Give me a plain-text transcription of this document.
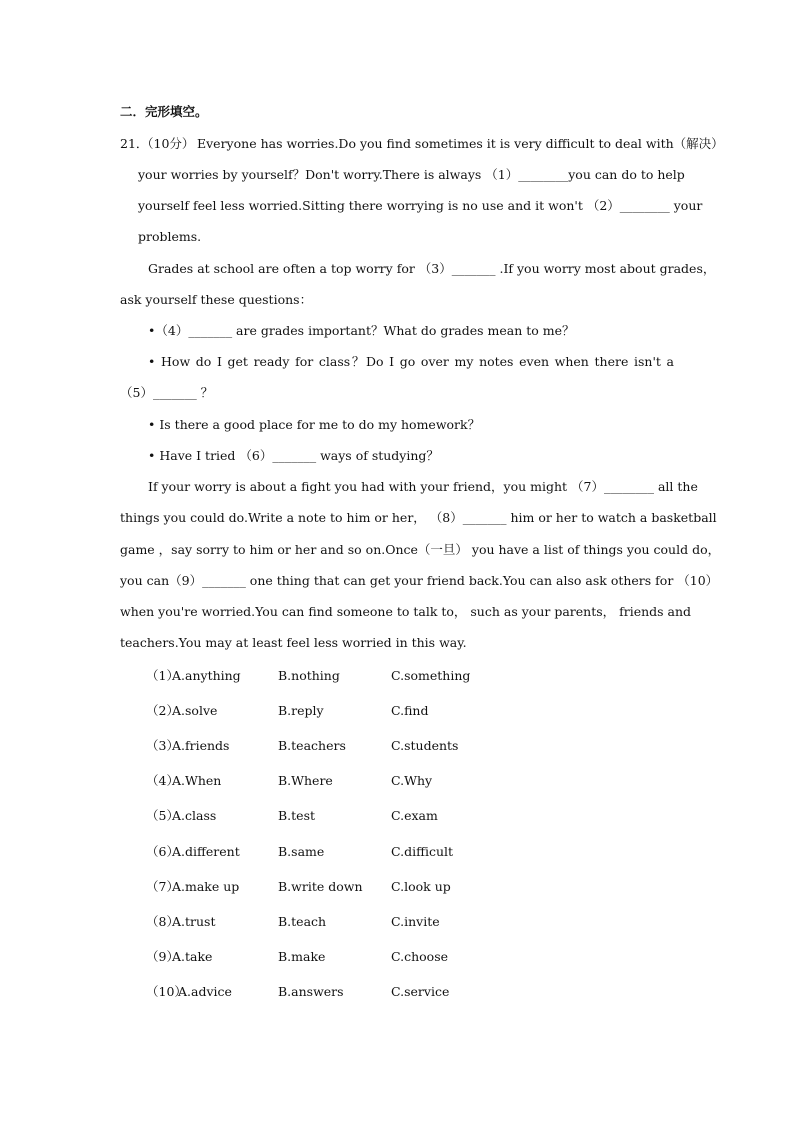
二．完形填空。
21．
（10分） Everyone has worries.Do you find sometimes it is very difficult to deal with（解决）
your worries by yourself？Don't worry.There is always （1）________you can do to help
yourself feel less worried.Sitting there worrying is no use and it won't （2）________ your
problems.
Grades at school are often a top worry for （3）_______ .If you worry most about grades，
ask yourself these questions：
•（4）_______ are grades important？What do grades mean to me？
• How do I get ready for class？Do I go over my notes even when there isn't a
（5）_______ ？
• Is there a good place for me to do my homework？
• Have I tried （6）_______ ways of studying？
If your worry is about a fight you had with your friend，you might （7）________ all the
things you could do.Write a note to him or her， （8）_______ him or her to watch a basketball
game ，say sorry to him or her and so on.Once（一旦） you have a list of things you could do，
you can（9）_______ one thing that can get your friend back.You can also ask others for （10）
when you're worried.You can find someone to talk to， such as your parents， friends and
teachers.You may at least feel less worried in this way.
（1）
A.anything	B.nothing	C.something
（2）
A.solve	B.reply	C.find
（3）
A.friends	B.teachers	C.students
（4）
A.When	B.Where	C.Why
（5）
A.class	B.test	C.exam
（6）
A.different	B.same	C.difficult
（7）
A.make up	B.write down C.look up
（8）
A.trust	B.teach	C.invite
（9）
A.take	B.make	C.choose
（10）
A.advice	B.answers	C.service
